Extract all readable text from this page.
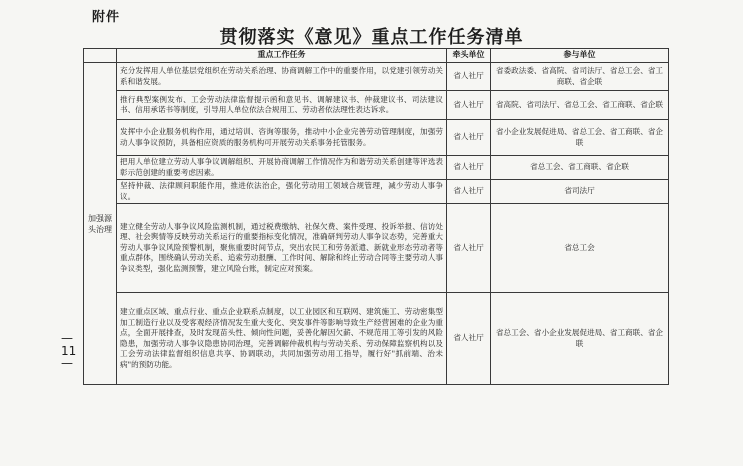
附件
贯彻落实《意见》重点工作任务清单
	重点工作任务	牵头单位	参与单位
加强源头治理	充分发挥用人单位基层党组织在劳动关系治理、协商调解工作中的重要作用，以党建引领劳动关系和谐发展。	省人社厅	省委政法委、省高院、省司法厅、省总工会、省工商联、省企联
	推行典型案例发布、工会劳动法律监督提示函和意见书、调解建议书、仲裁建议书、司法建议书、信用承诺书等制度，引导用人单位依法合规用工、劳动者依法理性表达诉求。	省人社厅	省高院、省司法厅、省总工会、省工商联、省企联
	发挥中小企业服务机构作用，通过培训、咨询等服务，推动中小企业完善劳动管理制度，加强劳动人事争议预防，具备相应资质的服务机构可开展劳动关系事务托管服务。	省人社厅	省小企业发展促进局、省总工会、省工商联、省企联
	把用人单位建立劳动人事争议调解组织、开展协商调解工作情况作为和谐劳动关系创建等评选表彰示范创建的重要考虑因素。	省人社厅	省总工会、省工商联、省企联
	坚持仲裁、法律顾问职能作用，推进依法治企，强化劳动用工领域合规管理，减少劳动人事争议。	省人社厅	省司法厅
	建立健全劳动人事争议风险监测机制，通过税费缴纳、社保欠费、案件受理、投诉举报、信访处理、社会舆情等反映劳动关系运行的重要指标变化情况，准确研判劳动人事争议态势，完善重大劳动人事争议风险预警机制，聚焦重要时间节点，突出农民工和劳务派遣、新就业形态劳动者等重点群体，围绕确认劳动关系、追索劳动报酬、工作时间、解除和终止劳动合同等主要劳动人事争议类型，强化监测预警，建立风险台账，制定应对预案。	省人社厅	省总工会
	建立重点区域、重点行业、重点企业联系点制度，以工业园区和互联网、建筑施工、劳动密集型加工制造行业以及受客观经济情况发生重大变化、突发事件等影响导致生产经营困难的企业为重点，全面开展排查，及时发现苗头性、倾向性问题，妥善化解因欠薪、不规范用工等引发的风险隐患，加强劳动人事争议隐患协同治理，完善调解仲裁机构与劳动关系、劳动保障监察机构以及工会劳动法律监督组织信息共享、协调联动，共同加强劳动用工指导，履行好"抓前端、治未病"的预防功能。	省人社厅	省总工会、省小企业发展促进局、省工商联、省企联
— 11 —
